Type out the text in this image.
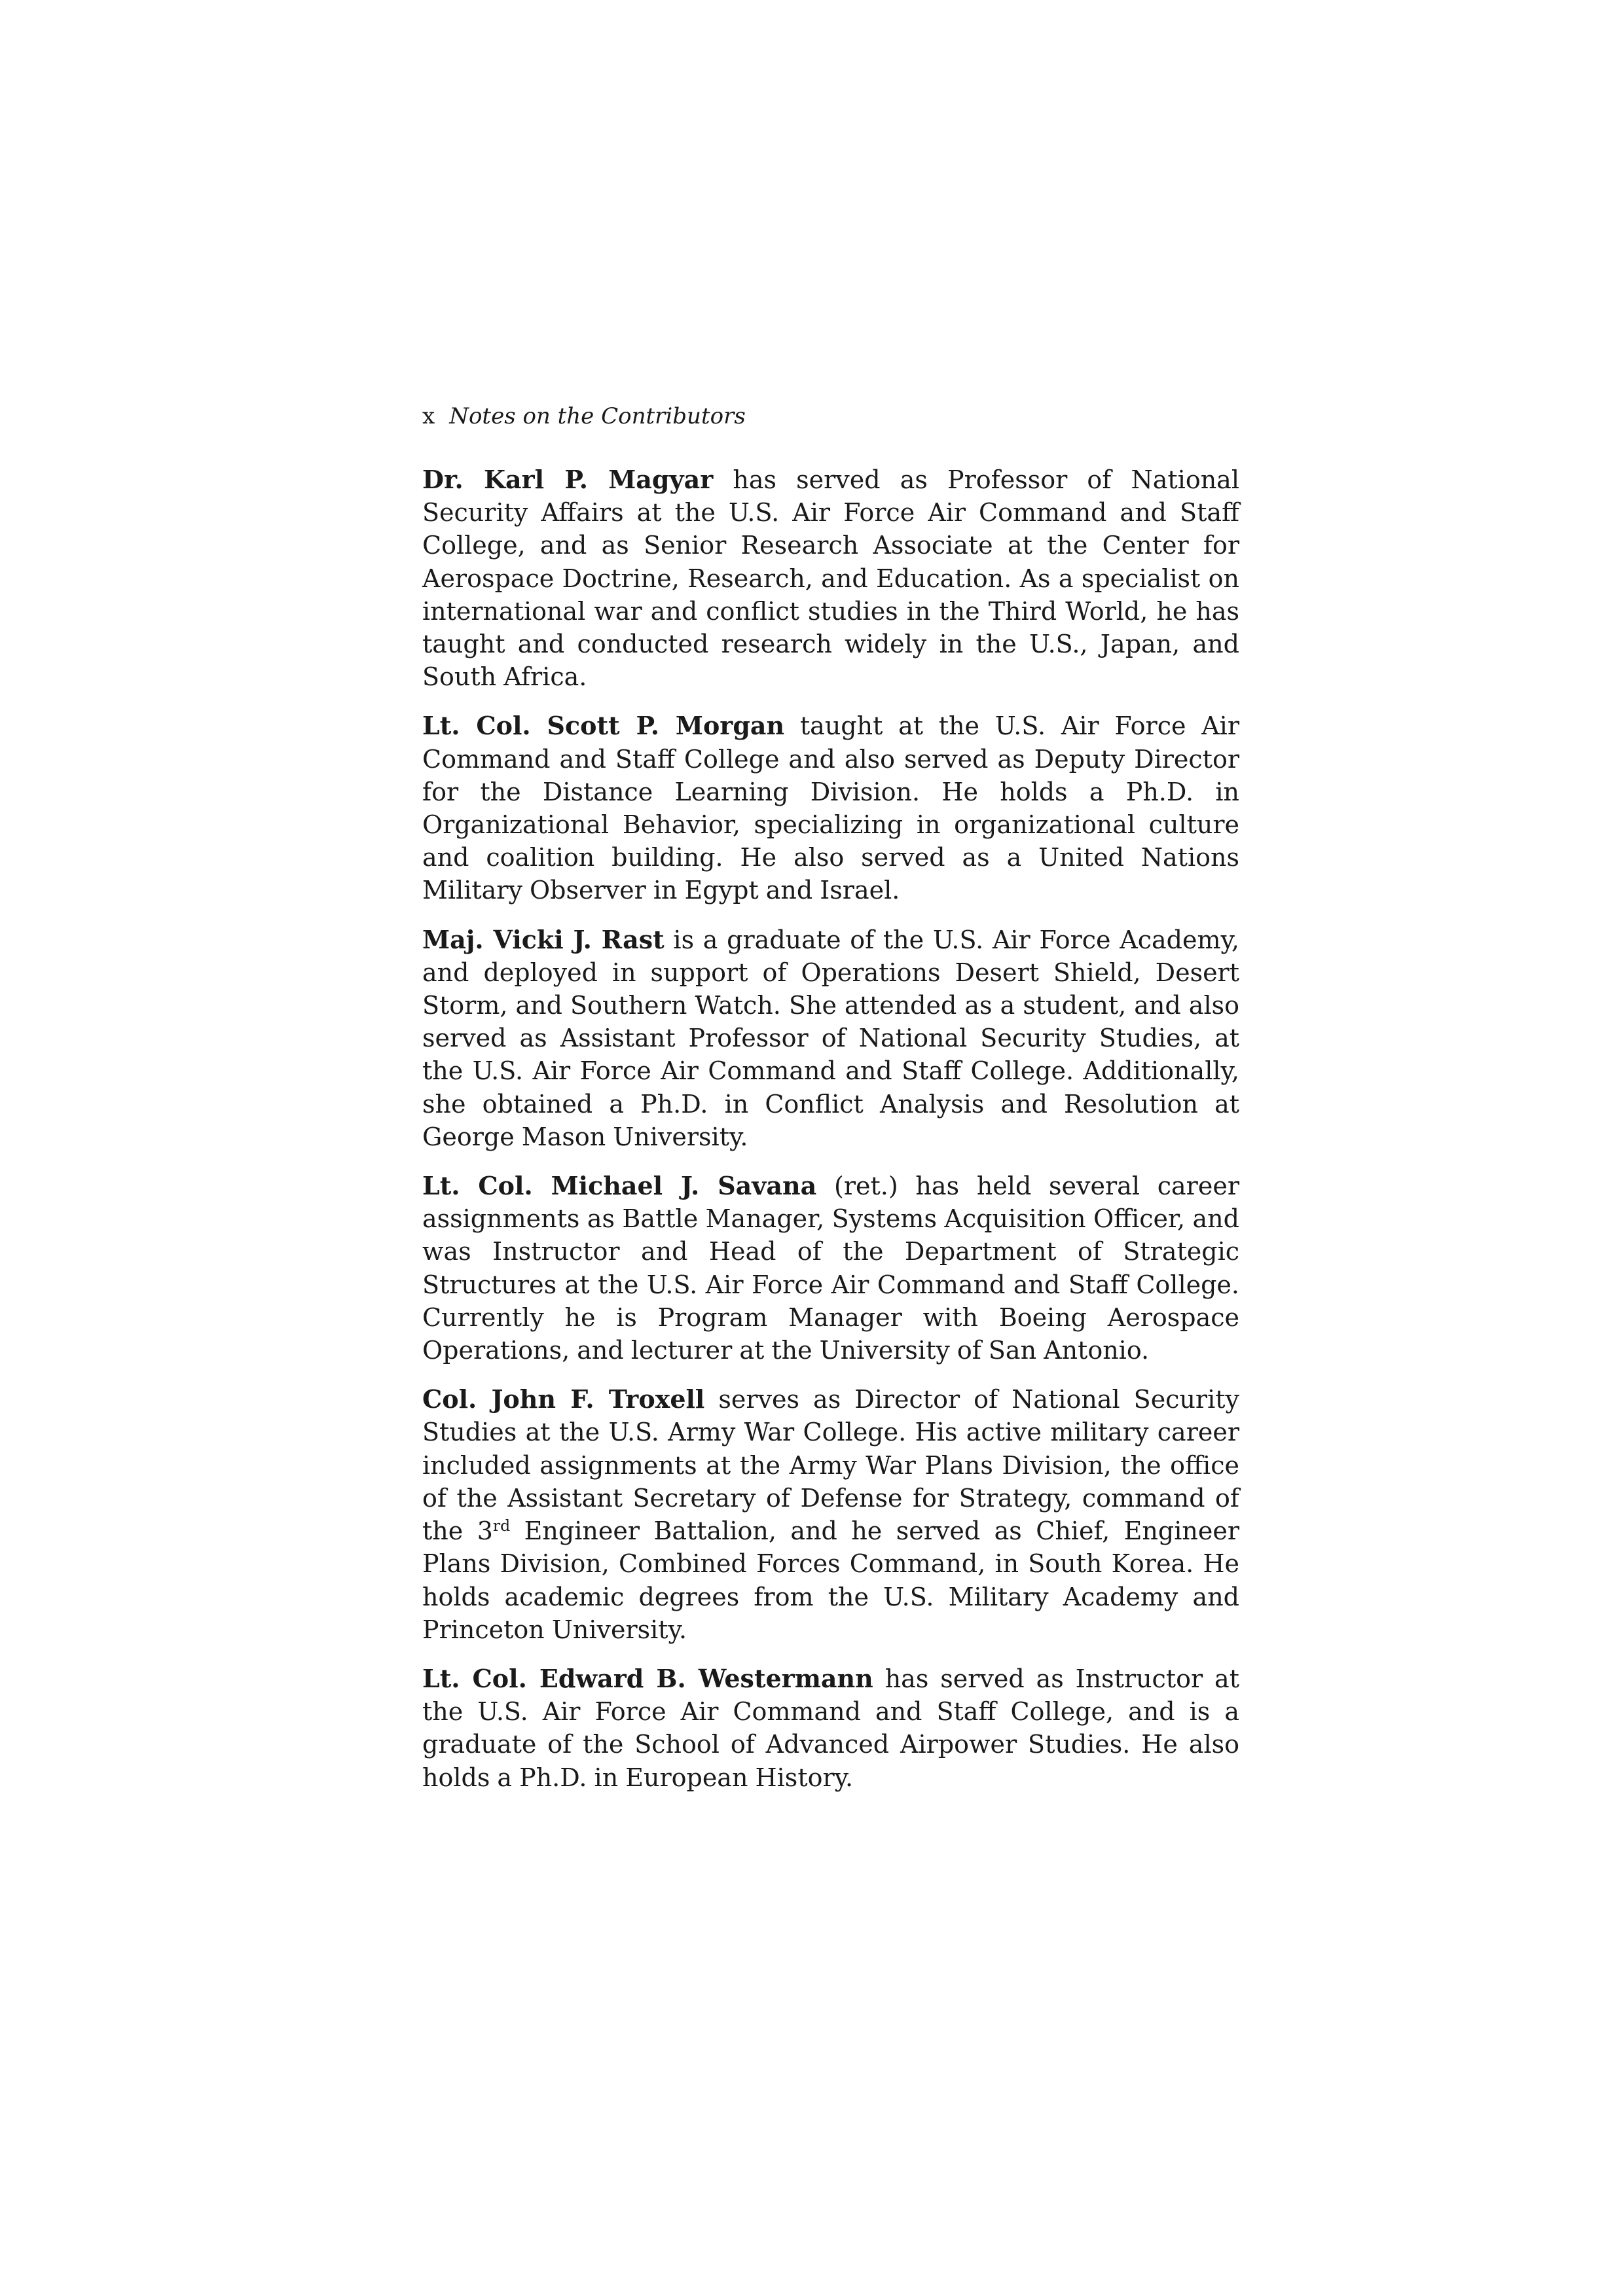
x Notes on the Contributors

Dr. Karl P. Magyar has served as Professor of National Security Affairs at the U.S. Air Force Air Command and Staff College, and as Senior Research Associate at the Center for Aerospace Doctrine, Research, and Education. As a specialist on international war and conflict studies in the Third World, he has taught and conducted research widely in the U.S., Japan, and South Africa.

Lt. Col. Scott P. Morgan taught at the U.S. Air Force Air Command and Staff College and also served as Deputy Director for the Distance Learning Division. He holds a Ph.D. in Organizational Behavior, specializing in organizational culture and coalition building. He also served as a United Nations Military Observer in Egypt and Israel.

Maj. Vicki J. Rast is a graduate of the U.S. Air Force Academy, and deployed in support of Operations Desert Shield, Desert Storm, and Southern Watch. She attended as a student, and also served as Assistant Professor of National Security Studies, at the U.S. Air Force Air Command and Staff College. Additionally, she obtained a Ph.D. in Conflict Analysis and Resolution at George Mason University.

Lt. Col. Michael J. Savana (ret.) has held several career assignments as Battle Manager, Systems Acquisition Officer, and was Instructor and Head of the Department of Strategic Structures at the U.S. Air Force Air Command and Staff College. Currently he is Program Manager with Boeing Aerospace Operations, and lecturer at the University of San Antonio.

Col. John F. Troxell serves as Director of National Security Studies at the U.S. Army War College. His active military career included assignments at the Army War Plans Division, the office of the Assistant Secretary of Defense for Strategy, command of the 3rd Engineer Battalion, and he served as Chief, Engineer Plans Division, Combined Forces Command, in South Korea. He holds academic degrees from the U.S. Military Academy and Princeton University.

Lt. Col. Edward B. Westermann has served as Instructor at the U.S. Air Force Air Command and Staff College, and is a graduate of the School of Advanced Airpower Studies. He also holds a Ph.D. in European History.
